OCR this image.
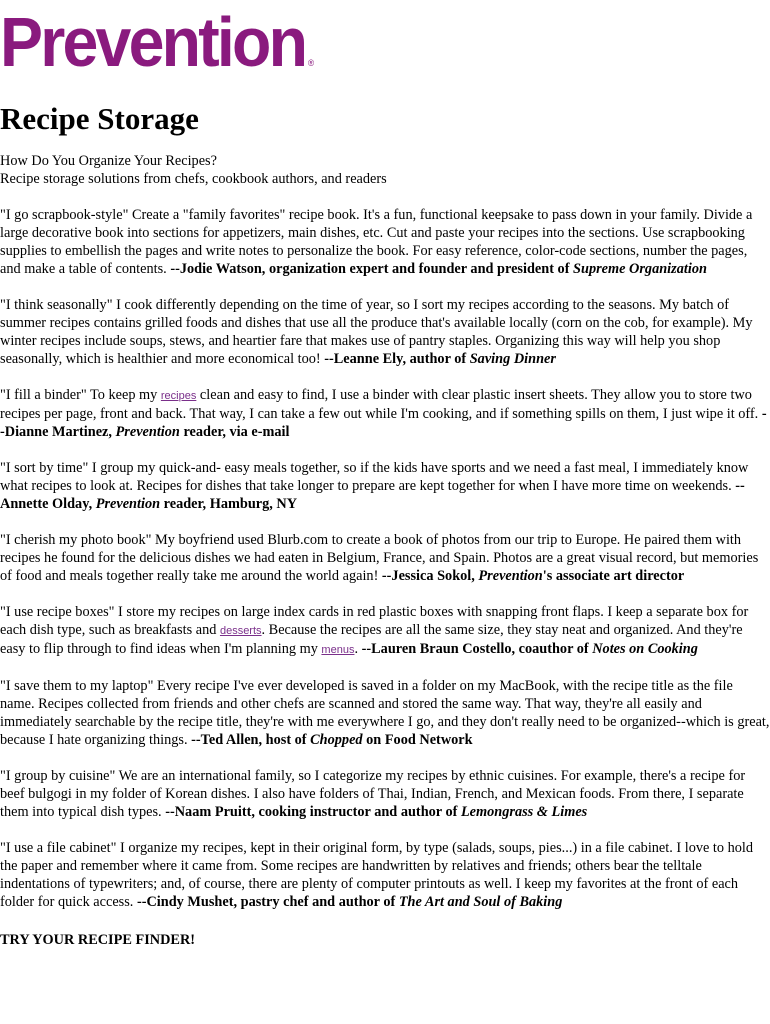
Prevention ®
Recipe Storage

How Do You Organize Your Recipes?

Recipe storage solutions from chefs, cookbook authors, and readers

"I go scrapbook-style" Create a "family favorites" recipe book. It's a fun, functional keepsake to pass down in your family. Divide a large decorative book into sections for appetizers, main dishes, etc. Cut and paste your recipes into the sections. Use scrapbooking supplies to embellish the pages and write notes to personalize the book. For easy reference, color-code sections, number the pages, and make a table of contents. --Jodie Watson, organization expert and founder and president of Supreme Organization

"I think seasonally" I cook differently depending on the time of year, so I sort my recipes according to the seasons. My batch of summer recipes contains grilled foods and dishes that use all the produce that's available locally (corn on the cob, for example). My winter recipes include soups, stews, and heartier fare that makes use of pantry staples. Organizing this way will help you shop seasonally, which is healthier and more economical too! --Leanne Ely, author of Saving Dinner

"I fill a binder" To keep my recipes clean and easy to find, I use a binder with clear plastic insert sheets. They allow you to store two recipes per page, front and back. That way, I can take a few out while I'm cooking, and if something spills on them, I just wipe it off. --Dianne Martinez, Prevention reader, via e-mail

"I sort by time" I group my quick-and- easy meals together, so if the kids have sports and we need a fast meal, I immediately know what recipes to look at. Recipes for dishes that take longer to prepare are kept together for when I have more time on weekends. --Annette Olday, Prevention reader, Hamburg, NY

"I cherish my photo book" My boyfriend used Blurb.com to create a book of photos from our trip to Europe. He paired them with recipes he found for the delicious dishes we had eaten in Belgium, France, and Spain. Photos are a great visual record, but memories of food and meals together really take me around the world again! --Jessica Sokol, Prevention's associate art director

"I use recipe boxes" I store my recipes on large index cards in red plastic boxes with snapping front flaps. I keep a separate box for each dish type, such as breakfasts and desserts. Because the recipes are all the same size, they stay neat and organized. And they're easy to flip through to find ideas when I'm planning my menus. --Lauren Braun Costello, coauthor of Notes on Cooking

"I save them to my laptop" Every recipe I've ever developed is saved in a folder on my MacBook, with the recipe title as the file name. Recipes collected from friends and other chefs are scanned and stored the same way. That way, they're all easily and immediately searchable by the recipe title, they're with me everywhere I go, and they don't really need to be organized--which is great, because I hate organizing things. --Ted Allen, host of Chopped on Food Network

"I group by cuisine" We are an international family, so I categorize my recipes by ethnic cuisines. For example, there's a recipe for beef bulgogi in my folder of Korean dishes. I also have folders of Thai, Indian, French, and Mexican foods. From there, I separate them into typical dish types. --Naam Pruitt, cooking instructor and author of Lemongrass & Limes

"I use a file cabinet" I organize my recipes, kept in their original form, by type (salads, soups, pies...) in a file cabinet. I love to hold the paper and remember where it came from. Some recipes are handwritten by relatives and friends; others bear the telltale indentations of typewriters; and, of course, there are plenty of computer printouts as well. I keep my favorites at the front of each folder for quick access. --Cindy Mushet, pastry chef and author of The Art and Soul of Baking

TRY YOUR RECIPE FINDER!
